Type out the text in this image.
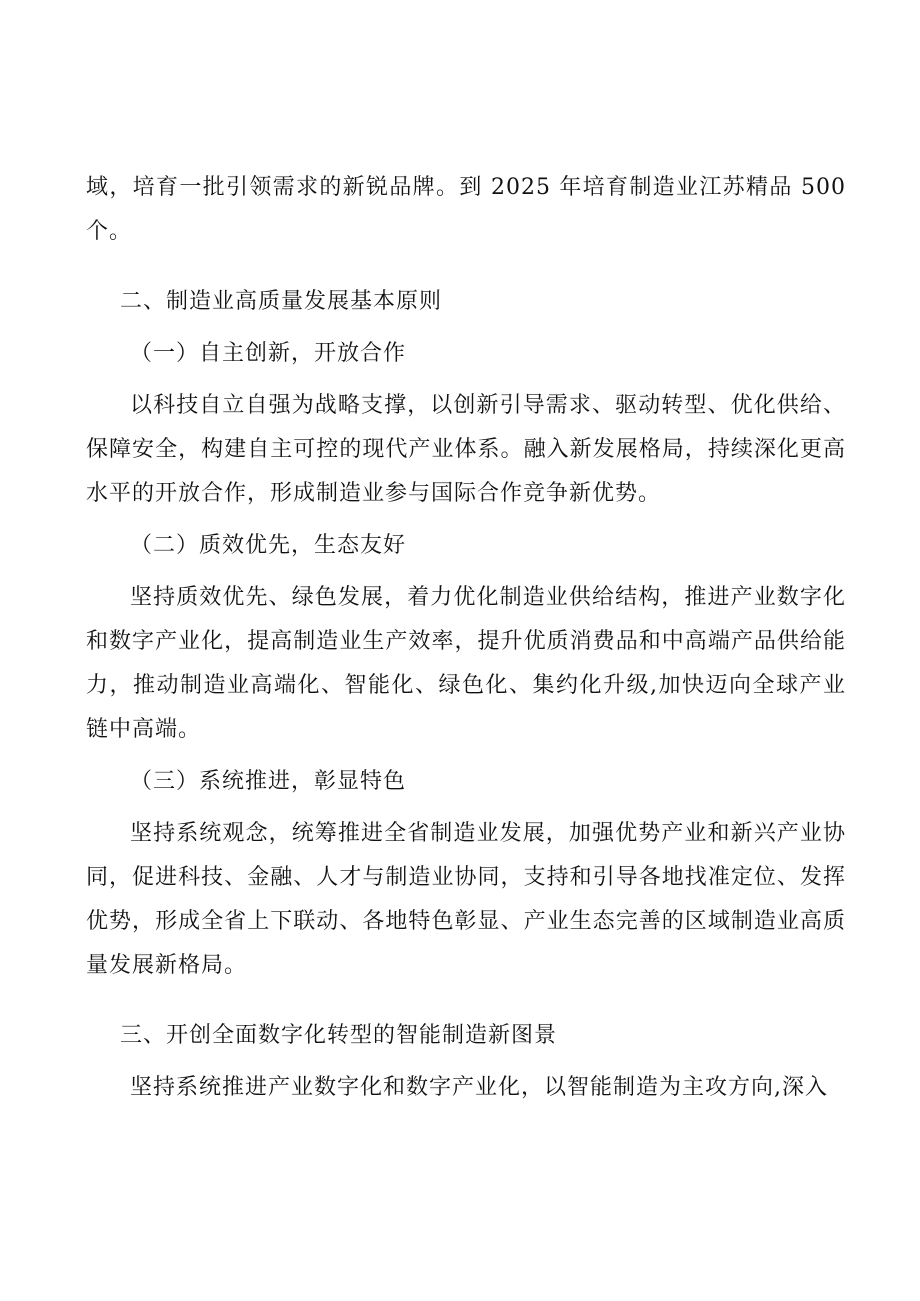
域，培育一批引领需求的新锐品牌。到 2025 年培育制造业江苏精品 500 个。

二、制造业高质量发展基本原则
（一）自主创新，开放合作

以科技自立自强为战略支撑，以创新引导需求、驱动转型、优化供给、保障安全，构建自主可控的现代产业体系。融入新发展格局，持续深化更高水平的开放合作，形成制造业参与国际合作竞争新优势。

（二）质效优先，生态友好

坚持质效优先、绿色发展，着力优化制造业供给结构，推进产业数字化和数字产业化，提高制造业生产效率，提升优质消费品和中高端产品供给能力，推动制造业高端化、智能化、绿色化、集约化升级,加快迈向全球产业链中高端。

（三）系统推进，彰显特色

坚持系统观念，统筹推进全省制造业发展，加强优势产业和新兴产业协同，促进科技、金融、人才与制造业协同，支持和引导各地找准定位、发挥优势，形成全省上下联动、各地特色彰显、产业生态完善的区域制造业高质量发展新格局。

三、开创全面数字化转型的智能制造新图景

坚持系统推进产业数字化和数字产业化，以智能制造为主攻方向,深入
